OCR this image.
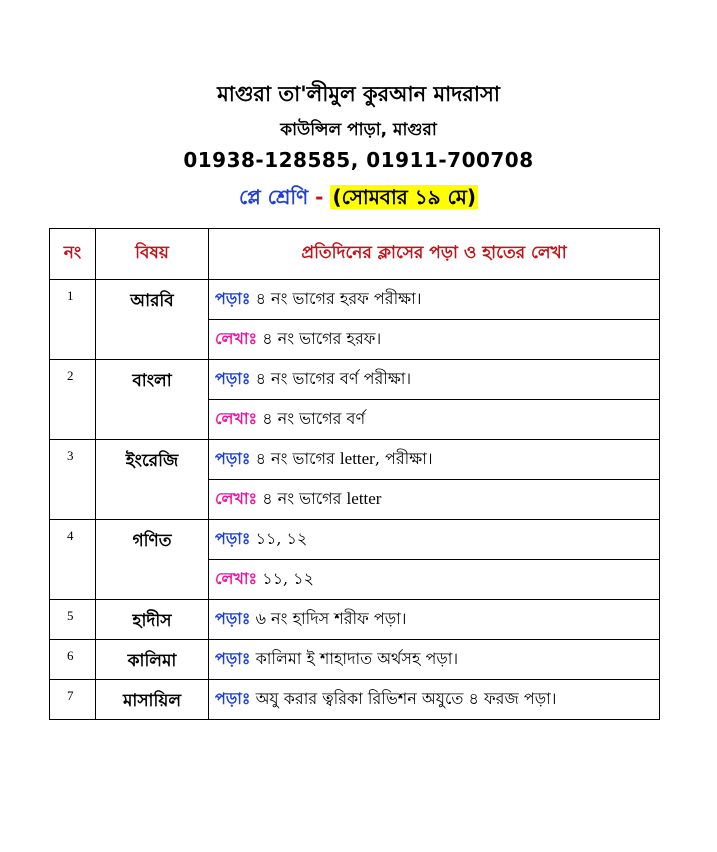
মাগুরা তা'লীমুল কুরআন মাদরাসা
কাউন্সিল পাড়া, মাগুরা
01938-128585, 01911-700708
প্লে শ্রেণি - (সোমবার ১৯ মে)
নং	বিষয়	প্রতিদিনের ক্লাসের পড়া ও হাতের লেখা
1	আরবি	পড়াঃ ৪ নং ভাগের হরফ পরীক্ষা।
		লেখাঃ ৪ নং ভাগের হরফ।
2	বাংলা	পড়াঃ ৪ নং ভাগের বর্ণ পরীক্ষা।
		লেখাঃ ৪ নং ভাগের বর্ণ
3	ইংরেজি	পড়াঃ ৪ নং ভাগের letter, পরীক্ষা।
		লেখাঃ ৪ নং ভাগের letter
4	গণিত	পড়াঃ ১১, ১২
		লেখাঃ ১১, ১২
5	হাদীস	পড়াঃ ৬ নং হাদিস শরীফ পড়া।
6	কালিমা	পড়াঃ কালিমা ই শাহাদাত অর্থসহ পড়া।
7	মাসায়িল	পড়াঃ অযু করার ত্বরিকা রিভিশন অযুতে ৪ ফরজ পড়া।
